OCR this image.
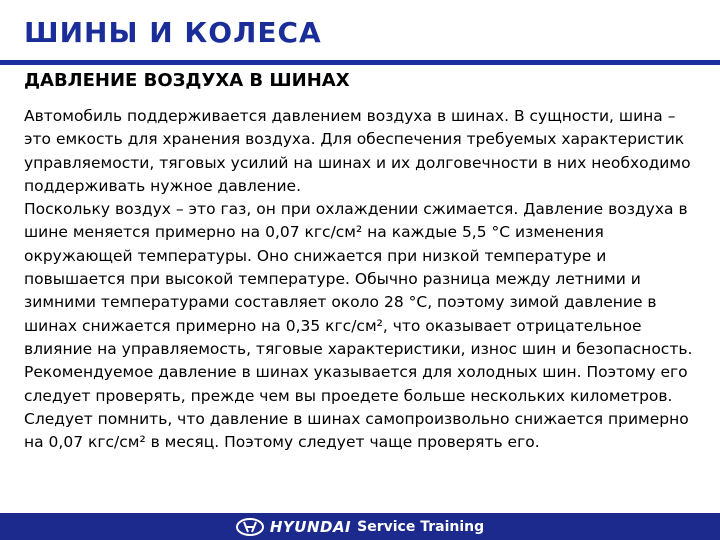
ШИНЫ И КОЛЕСА
ДАВЛЕНИЕ ВОЗДУХА В ШИНАХ

Автомобиль поддерживается давлением воздуха в шинах. В сущности, шина – это емкость для хранения воздуха. Для обеспечения требуемых характеристик управляемости, тяговых усилий на шинах и их долговечности в них необходимо поддерживать нужное давление.

Поскольку воздух – это газ, он при охлаждении сжимается. Давление воздуха в шине меняется примерно на 0,07 кгс/см² на каждые 5,5 °C изменения окружающей температуры. Оно снижается при низкой температуре и повышается при высокой температуре. Обычно разница между летними и зимними температурами составляет около 28 °C, поэтому зимой давление в шинах снижается примерно на 0,35 кгс/см², что оказывает отрицательное влияние на управляемость, тяговые характеристики, износ шин и безопасность.

Рекомендуемое давление в шинах указывается для холодных шин. Поэтому его следует проверять, прежде чем вы проедете больше нескольких километров. Следует помнить, что давление в шинах самопроизвольно снижается примерно на 0,07 кгс/см² в месяц. Поэтому следует чаще проверять его.

HYUNDAI Service Training
